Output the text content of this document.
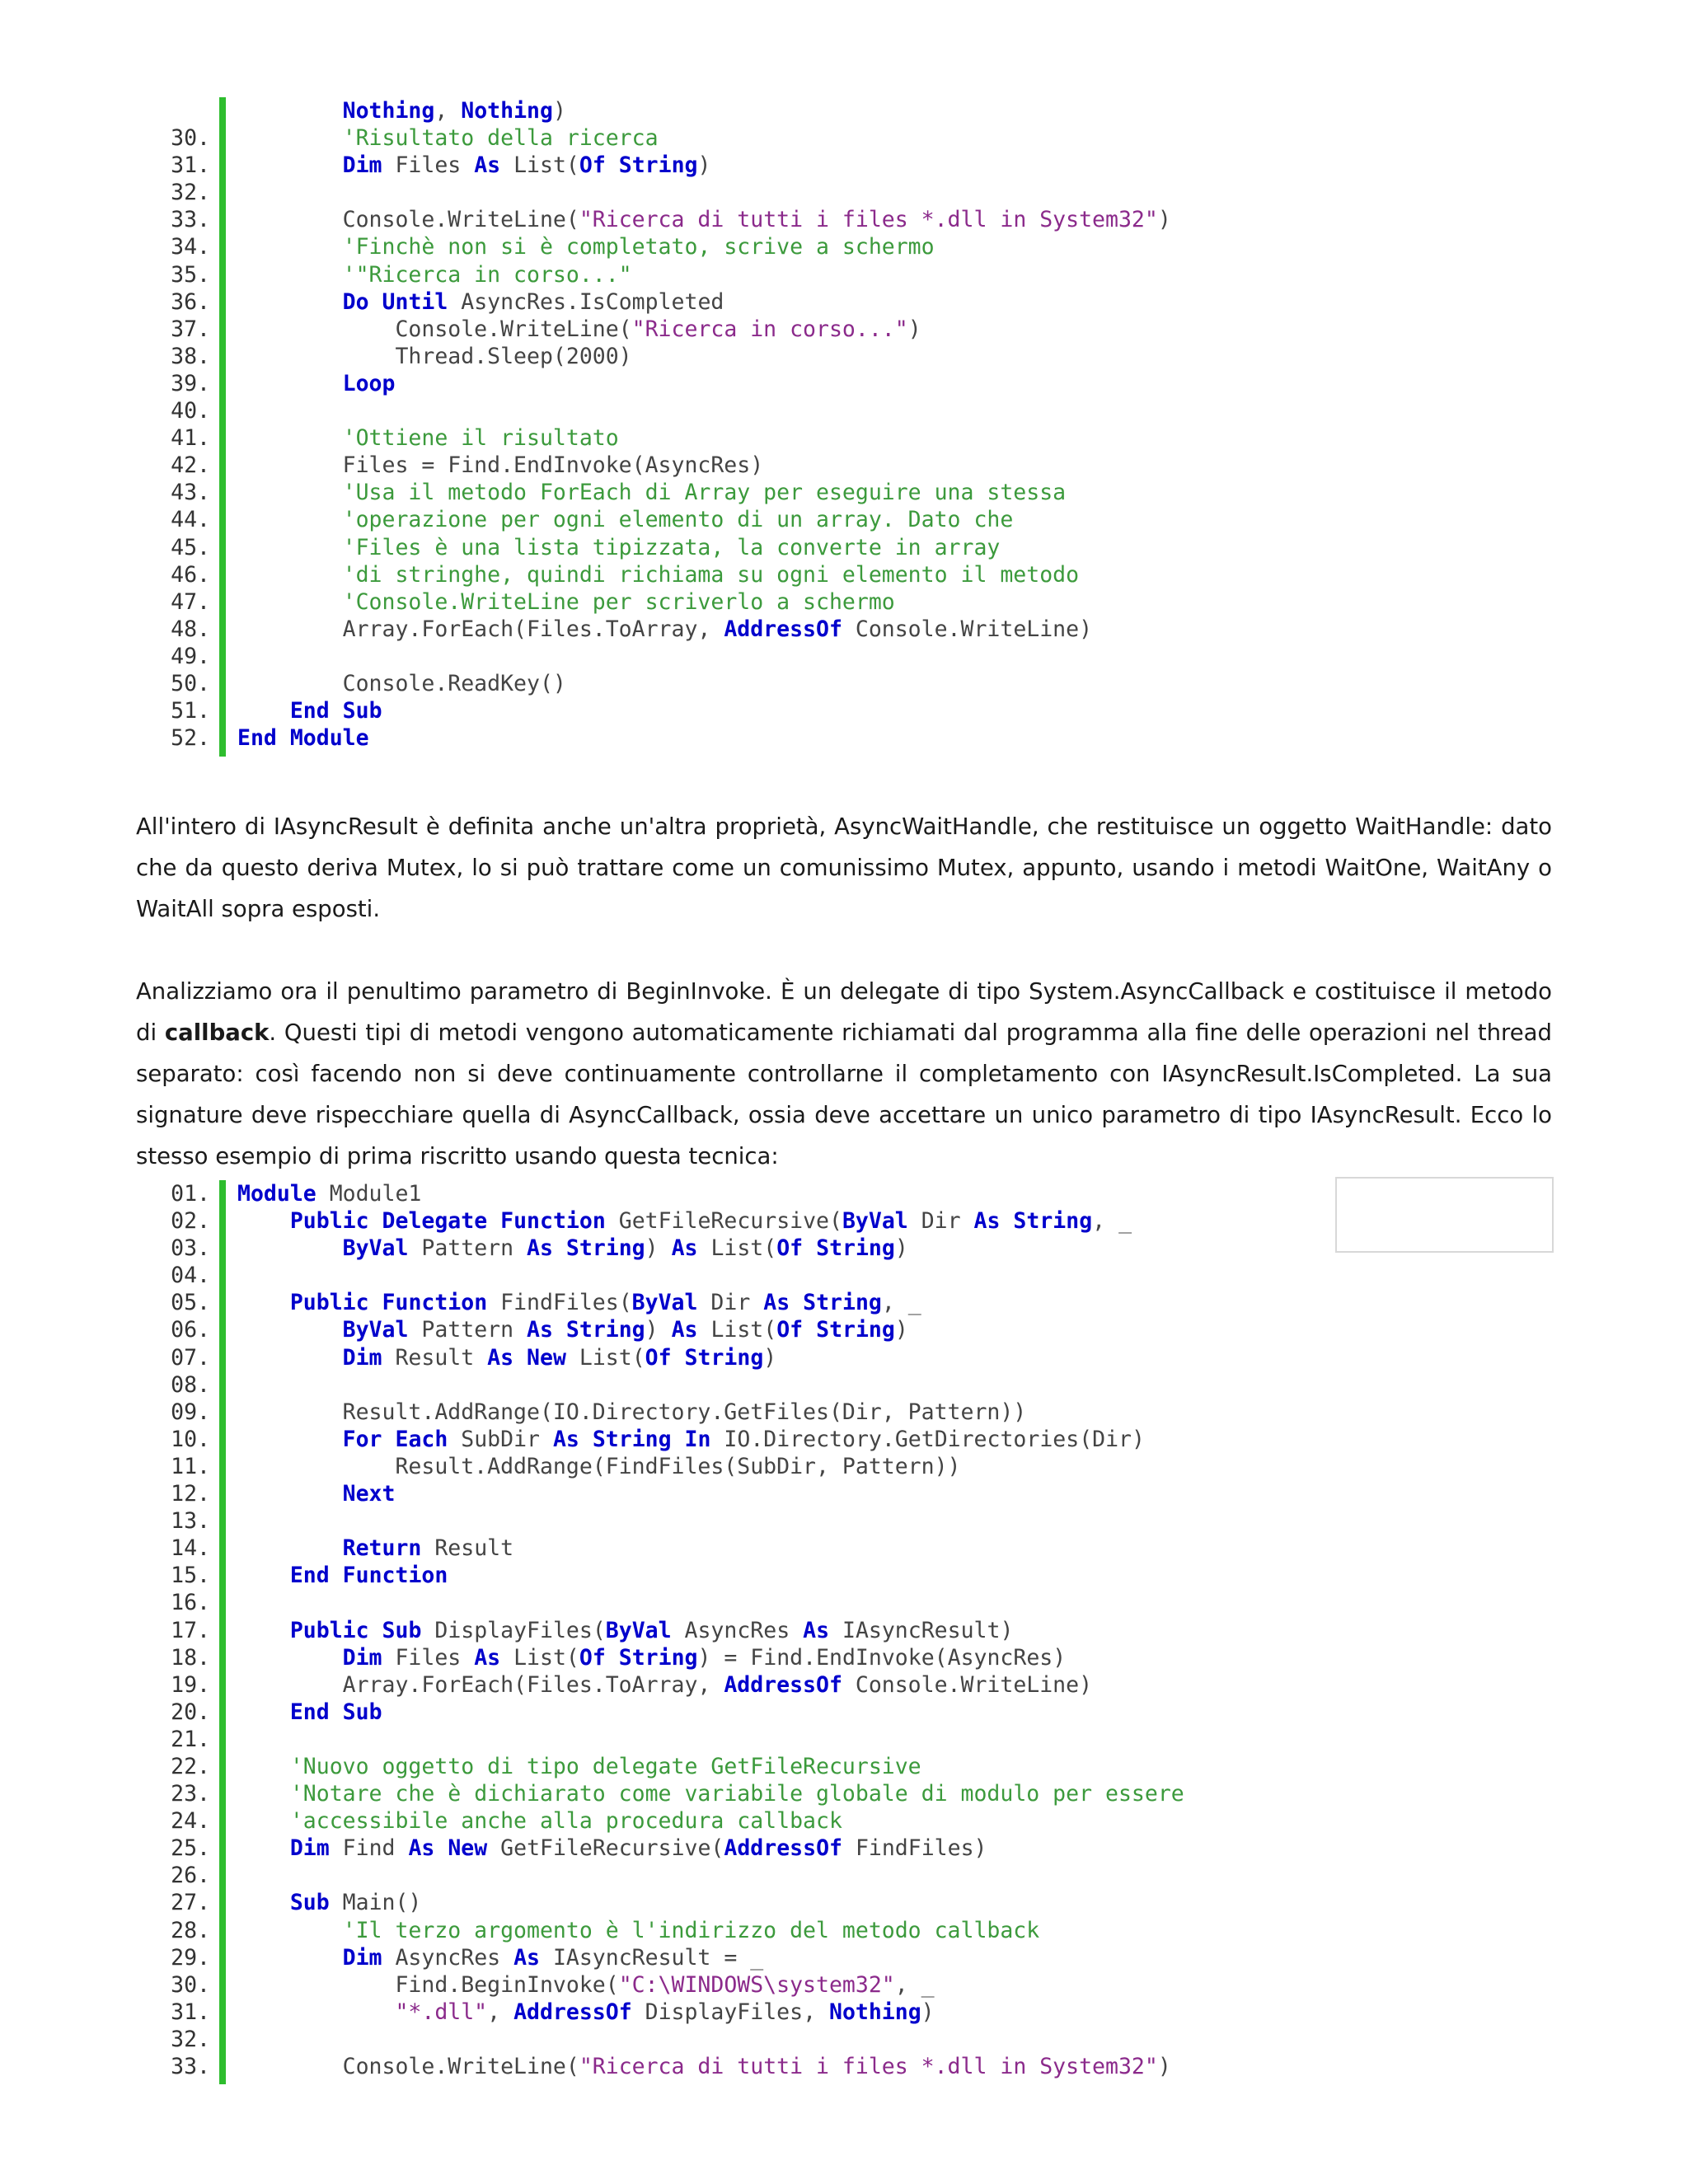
Nothing, Nothing)
30.	'Risultato della ricerca
31.	Dim Files As List(Of String)
32.
33. Console.WriteLine("Ricerca di tutti i files *.dll in System32")
34.	'Finchè non si è completato, scrive a schermo
35.	'"Ricerca in corso..."
36.	Do Until AsyncRes.IsCompleted
37. Console.WriteLine("Ricerca in corso...")
38. Thread.Sleep(2000)
39.	Loop
40.
41.	'Ottiene il risultato
42. Files = Find.EndInvoke(AsyncRes)
43.	'Usa il metodo ForEach di Array per eseguire una stessa
44.	'operazione per ogni elemento di un array. Dato che
45.	'Files è una lista tipizzata, la converte in array
46.	'di stringhe, quindi richiama su ogni elemento il metodo
47.	'Console.WriteLine per scriverlo a schermo
48. Array.ForEach(Files.ToArray, AddressOf Console.WriteLine)
49.
50. Console.ReadKey()
51.	End Sub
52. End Module

All'intero di IAsyncResult è definita anche un'altra proprietà, AsyncWaitHandle, che restituisce un oggetto WaitHandle: dato che da questo deriva Mutex, lo si può trattare come un comunissimo Mutex, appunto, usando i metodi WaitOne, WaitAny o WaitAll sopra esposti.

Analizziamo ora il penultimo parametro di BeginInvoke. È un delegate di tipo System.AsyncCallback e costituisce il metodo di callback. Questi tipi di metodi vengono automaticamente richiamati dal programma alla fine delle operazioni nel thread separato: così facendo non si deve continuamente controllarne il completamento con IAsyncResult.IsCompleted. La sua signature deve rispecchiare quella di AsyncCallback, ossia deve accettare un unico parametro di tipo IAsyncResult. Ecco lo stesso esempio di prima riscritto usando questa tecnica:

01. Module Module1
02.	Public Delegate Function GetFileRecursive(ByVal Dir As String, _
03.	ByVal Pattern As String) As List(Of String)
04.
05.	Public Function FindFiles(ByVal Dir As String, _
06.	ByVal Pattern As String) As List(Of String)
07.	Dim Result As New List(Of String)
08.
09. Result.AddRange(IO.Directory.GetFiles(Dir, Pattern))
10.	For Each SubDir As String In IO.Directory.GetDirectories(Dir)
11. Result.AddRange(FindFiles(SubDir, Pattern))
12.	Next
13.
14.	Return Result
15.	End Function
16.
17.	Public Sub DisplayFiles(ByVal AsyncRes As IAsyncResult)
18.	Dim Files As List(Of String) = Find.EndInvoke(AsyncRes)
19. Array.ForEach(Files.ToArray, AddressOf Console.WriteLine)
20.	End Sub
21.
22.	'Nuovo oggetto di tipo delegate GetFileRecursive
23.	'Notare che è dichiarato come variabile globale di modulo per essere
24.	'accessibile anche alla procedura callback
25.	Dim Find As New GetFileRecursive(AddressOf FindFiles)
26.
27.	Sub Main()
28.	'Il terzo argomento è l'indirizzo del metodo callback
29.	Dim AsyncRes As IAsyncResult = _
30. Find.BeginInvoke("C:\WINDOWS\system32", _
31.	"*.dll", AddressOf DisplayFiles, Nothing)
32.
33. Console.WriteLine("Ricerca di tutti i files *.dll in System32")
